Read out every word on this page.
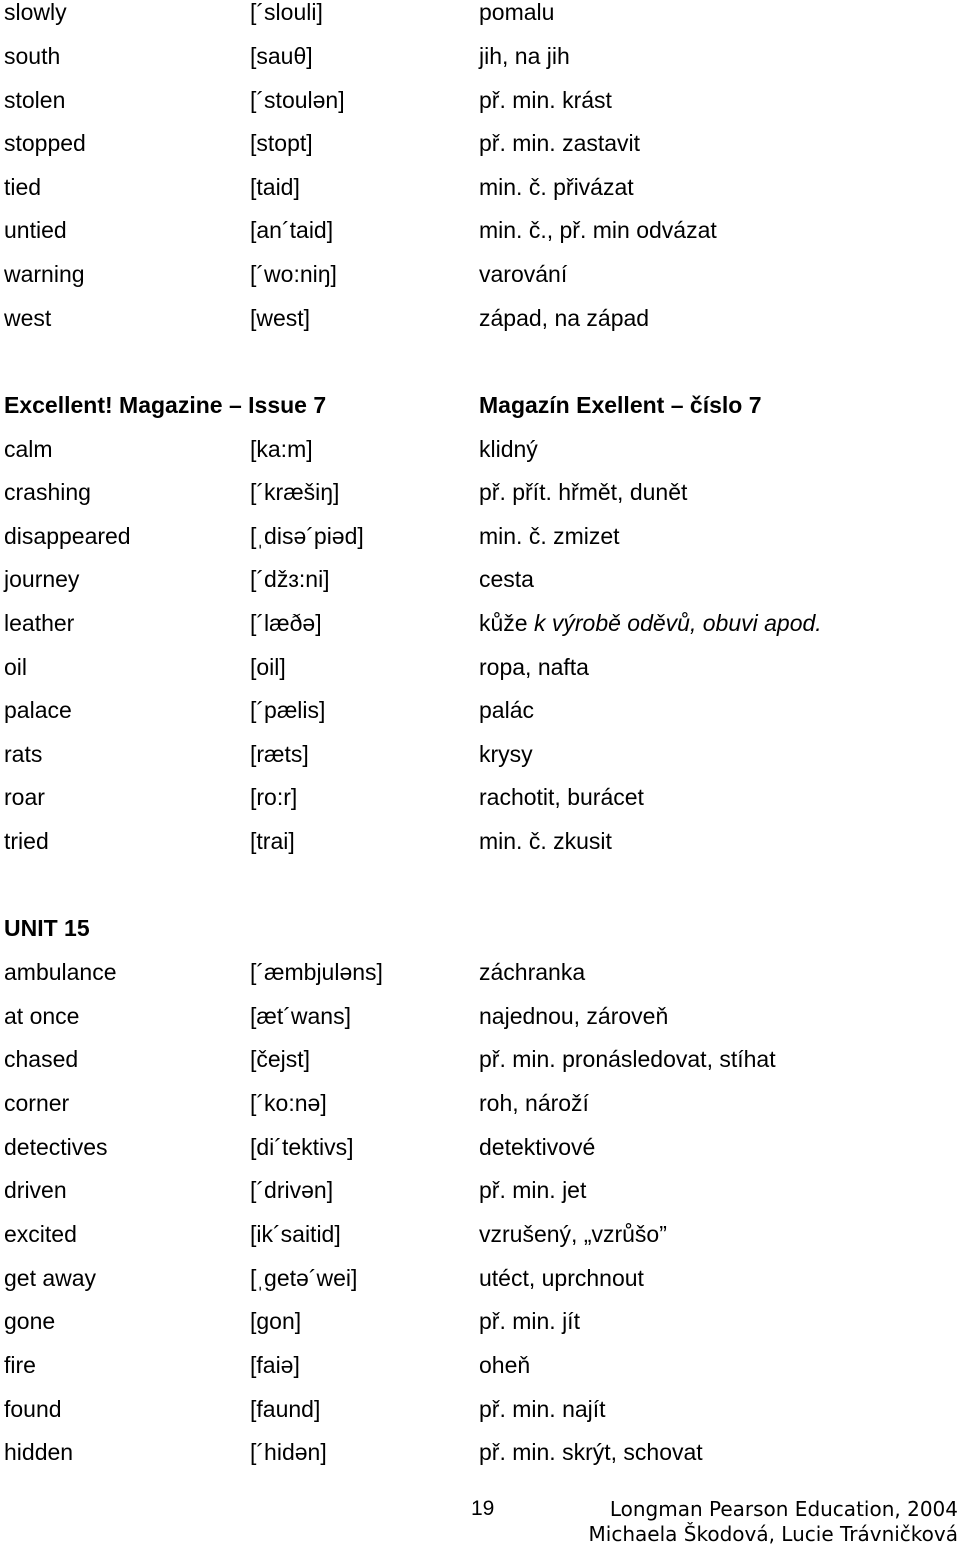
slowly	[´slouli]	pomalu
south	[sauθ]	jih, na jih
stolen	[´stoulən]	př. min. krást
stopped	[stopt]	př. min. zastavit
tied	[taid]	min. č. přivázat
untied	[an´taid]	min. č., př. min odvázat
warning	[´wo:niŋ]	varování
west	[west]	západ, na západ
Excellent! Magazine – Issue 7	Magazín Exellent – číslo 7
calm	[ka:m]	klidný
crashing	[´kræšiŋ]	př. přít. hřmět, dunět
disappeared	[ˌdisə´piəd]	min. č. zmizet
journey	[´džɜ:ni]	cesta
leather	[´læðə]	kůže k výrobě oděvů, obuvi apod.
oil	[oil]	ropa, nafta
palace	[´pælis]	palác
rats	[ræts]	krysy
roar	[ro:r]	rachotit, burácet
tried	[trai]	min. č. zkusit
UNIT 15
ambulance	[´æmbjuləns]	záchranka
at once	[æt´wans]	najednou, zároveň
chased	[čejst]	př. min. pronásledovat, stíhat
corner	[´ko:nə]	roh, nároží
detectives	[di´tektivs]	detektivové
driven	[´drivən]	př. min. jet
excited	[ik´saitid]	vzrušený, „vzrůšo”
get away	[ˌgetə´wei]	utéct, uprchnout
gone	[gon]	př. min. jít
fire	[faiə]	oheň
found	[faund]	př. min. najít
hidden	[´hidən]	př. min. skrýt, schovat
19	Longman Pearson Education, 2004
Michaela Škodová, Lucie Trávničková
